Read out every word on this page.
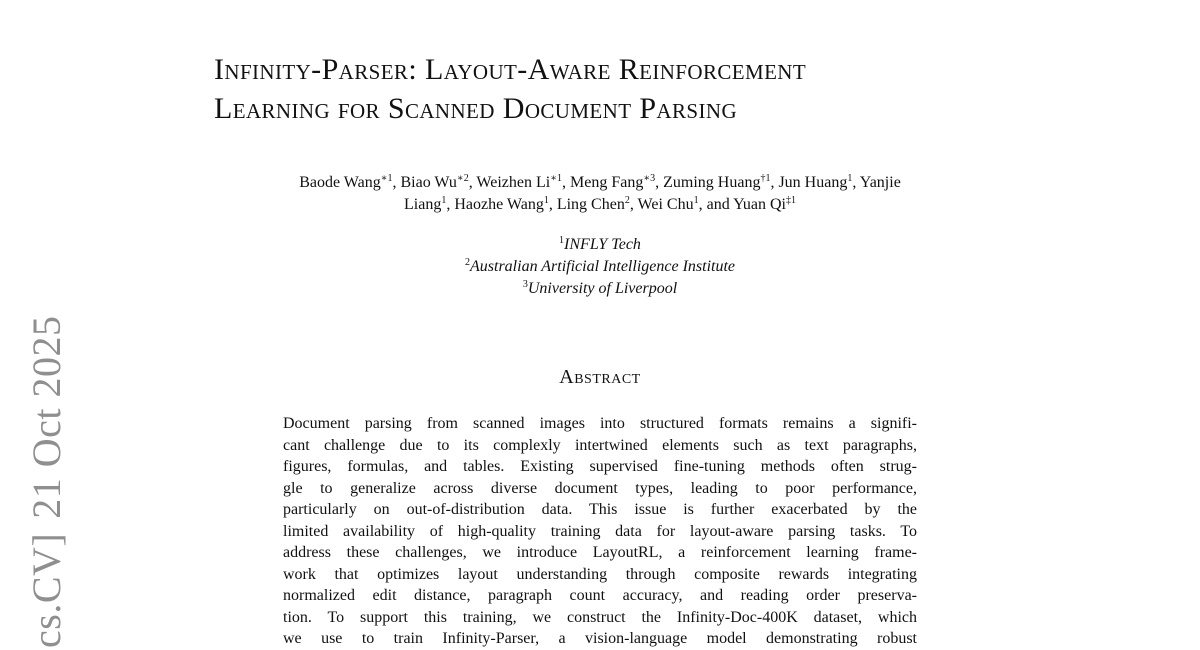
cs.CV]21 Oct 2025
Infinity-Parser: Layout-Aware Reinforcement
Learning for Scanned Document Parsing
Baode Wang$^{∗1}$, Biao $Wu^{∗2}$, Weizhen $Li^{∗1}$, Meng Fang$^{∗3}$, Zuming Huang$^{\dagger 1}$, Jun Huang$^1$, Yanjie
Liang$^1$, Haozhe Wang$^1$, Ling Chen$^2$, Wei Chu$^1$, and Yuan Qi$^{\ddagger 1}$
$^1$INFLY Tech
$^2$Australian Artificial Intelligence Institute
$^3$University of Liverpool
Abstract
Document parsing from scanned images into structured formats remains a signifi-
cant challenge due to its complexly intertwined elements such as text paragraphs,
figures, formulas, and tables. Existing supervised fine-tuning methods often strug-
gle to generalize across diverse document types, leading to poor performance,
particularly on out-of-distribution data. This issue is further exacerbated by the
limited availability of high-quality training data for layout-aware parsing tasks. To
address these challenges, we introduce LayoutRL, a reinforcement learning frame-
work that optimizes layout understanding through composite rewards integrating
normalized edit distance, paragraph count accuracy, and reading order preserva-
tion. To support this training, we construct the Infinity-Doc-400K dataset, which
we use to train Infinity-Parser, a vision-language model demonstrating robust
